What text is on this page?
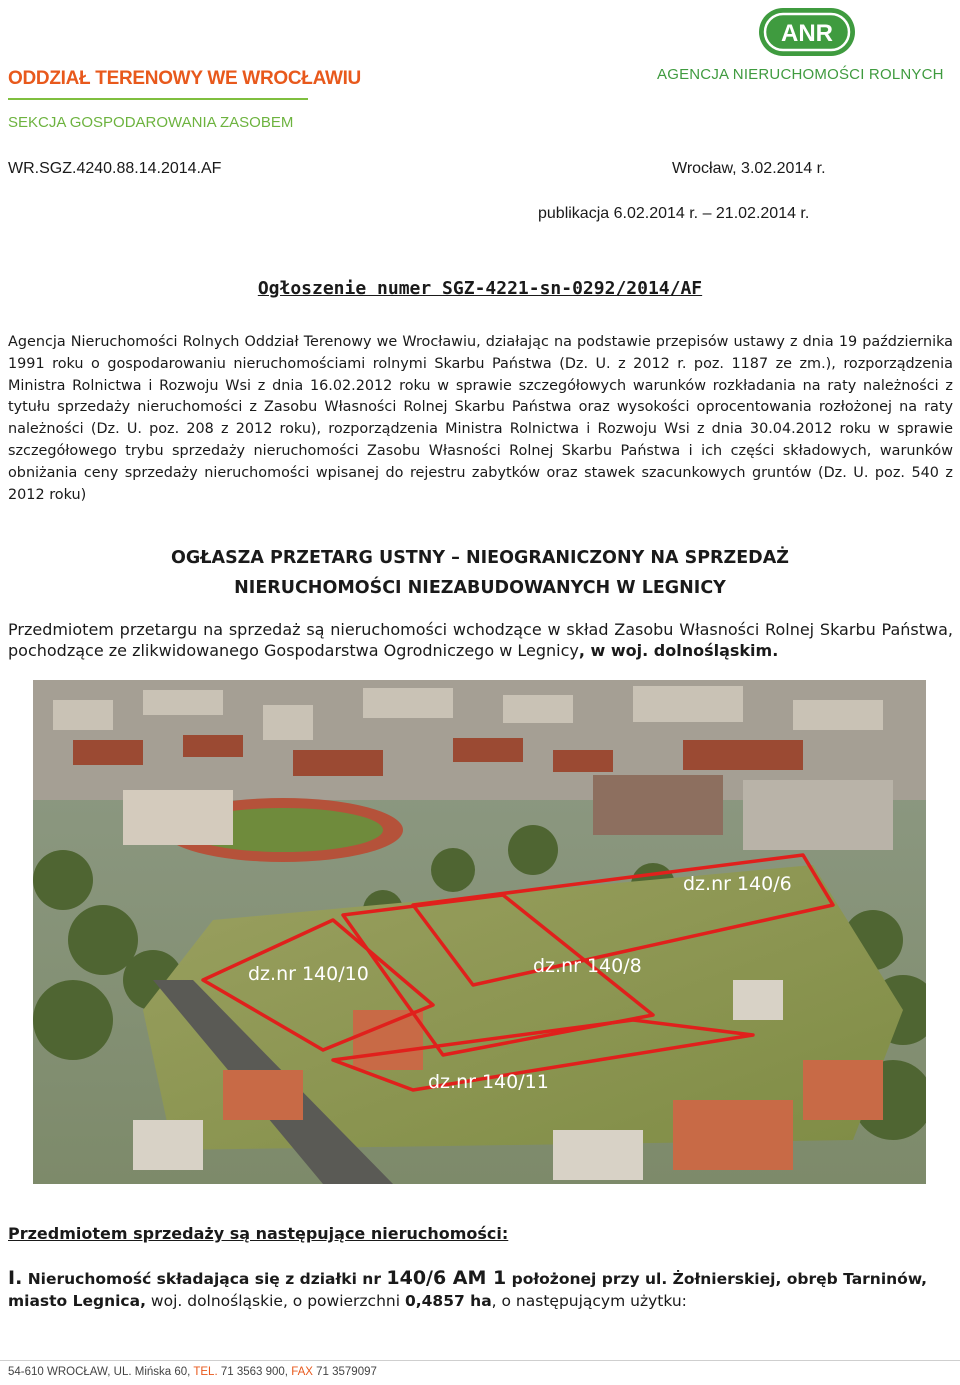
ODDZIAŁ TERENOWY WE WROCŁAWIU
SEKCJA GOSPODAROWANIA ZASOBEM
ANR
AGENCJA NIERUCHOMOŚCI ROLNYCH
WR.SGZ.4240.88.14.2014.AF	Wrocław, 3.02.2014 r.
publikacja 6.02.2014 r. – 21.02.2014 r.
Ogłoszenie numer SGZ-4221-sn-0292/2014/AF
Agencja Nieruchomości Rolnych Oddział Terenowy we Wrocławiu, działając na podstawie przepisów ustawy z dnia 19 października 1991 roku o gospodarowaniu nieruchomościami rolnymi Skarbu Państwa (Dz. U. z 2012 r. poz. 1187 ze zm.), rozporządzenia Ministra Rolnictwa i Rozwoju Wsi z dnia 16.02.2012 roku w sprawie szczegółowych warunków rozkładania na raty należności z tytułu sprzedaży nieruchomości z Zasobu Własności Rolnej Skarbu Państwa oraz wysokości oprocentowania rozłożonej na raty należności (Dz. U. poz. 208 z 2012 roku), rozporządzenia Ministra Rolnictwa i Rozwoju Wsi z dnia 30.04.2012 roku w sprawie szczegółowego trybu sprzedaży nieruchomości Zasobu Własności Rolnej Skarbu Państwa i ich części składowych, warunków obniżania ceny sprzedaży nieruchomości wpisanej do rejestru zabytków oraz stawek szacunkowych gruntów (Dz. U. poz. 540 z 2012 roku)
OGŁASZA PRZETARG USTNY – NIEOGRANICZONY NA SPRZEDAŻ
NIERUCHOMOŚCI NIEZABUDOWANYCH W LEGNICY
Przedmiotem przetargu na sprzedaż są nieruchomości wchodzące w skład Zasobu Własności Rolnej Skarbu Państwa, pochodzące ze zlikwidowanego Gospodarstwa Ogrodniczego w Legnicy, w woj. dolnośląskim.
dz.nr 140/6
dz.nr 140/10	dz.nr 140/8
dz.nr 140/11
Przedmiotem sprzedaży są następujące nieruchomości:
I. Nieruchomość składająca się z działki nr 140/6 AM 1 położonej przy ul. Żołnierskiej, obręb Tarninów, miasto Legnica, woj. dolnośląskie, o powierzchni 0,4857 ha, o następującym użytku:
54-610 WROCŁAW, UL. Mińska 60, TEL. 71 3563 900, FAX 71 3579097
